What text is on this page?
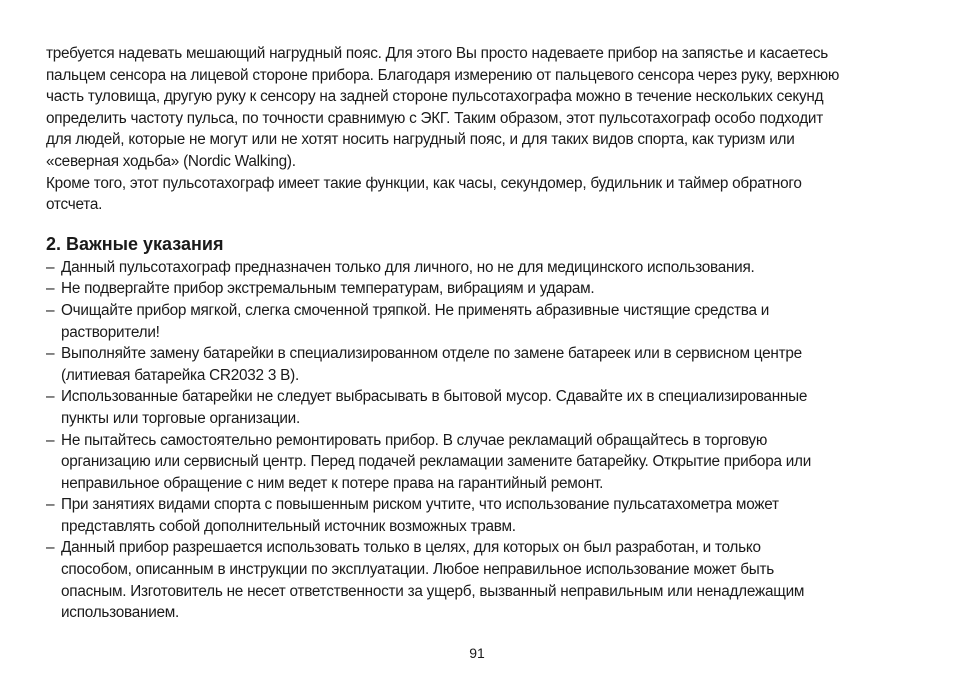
требуется надевать мешающий нагрудный пояс. Для этого Вы просто надеваете прибор на запястье и касаетесь
пальцем сенсора на лицевой стороне прибора. Благодаря измерению от пальцевого сенсора через руку, верхнюю
часть туловища, другую руку к сенсору на задней стороне пульсотахографа можно в течение нескольких секунд
определить частоту пульса, по точности сравнимую с ЭКГ. Таким образом, этот пульсотахограф особо подходит
для людей, которые не могут или не хотят носить нагрудный пояс, и для таких видов спорта, как туризм или
«северная ходьба» (Nordic Walking).
Кроме того, этот пульсотахограф имеет такие функции, как часы, секундомер, будильник и таймер обратного
отсчета.
2. Важные указания
– Данный пульсотахограф предназначен только для личного, но не для медицинского использования.
– Не подвергайте прибор экстремальным температурам, вибрациям и ударам.
– Очищайте прибор мягкой, слегка смоченной тряпкой. Не применять абразивные чистящие средства и
растворители!
– Выполняйте замену батарейки в специализированном отделе по замене батареек или в сервисном центре
(литиевая батарейка CR2032 3 В).
– Использованные батарейки не следует выбрасывать в бытовой мусор. Сдавайте их в специализированные
пункты или торговые организации.
– Не пытайтесь самостоятельно ремонтировать прибор. В случае рекламаций обращайтесь в торговую
организацию или сервисный центр. Перед подачей рекламации замените батарейку. Открытие прибора или
неправильное обращение с ним ведет к потере права на гарантийный ремонт.
– При занятиях видами спорта с повышенным риском учтите, что использование пульсатахометра может
представлять собой дополнительный источник возможных травм.
– Данный прибор разрешается использовать только в целях, для которых он был разработан, и только
способом, описанным в инструкции по эксплуатации. Любое неправильное использование может быть
опасным. Изготовитель не несет ответственности за ущерб, вызванный неправильным или ненадлежащим
использованием.
91
